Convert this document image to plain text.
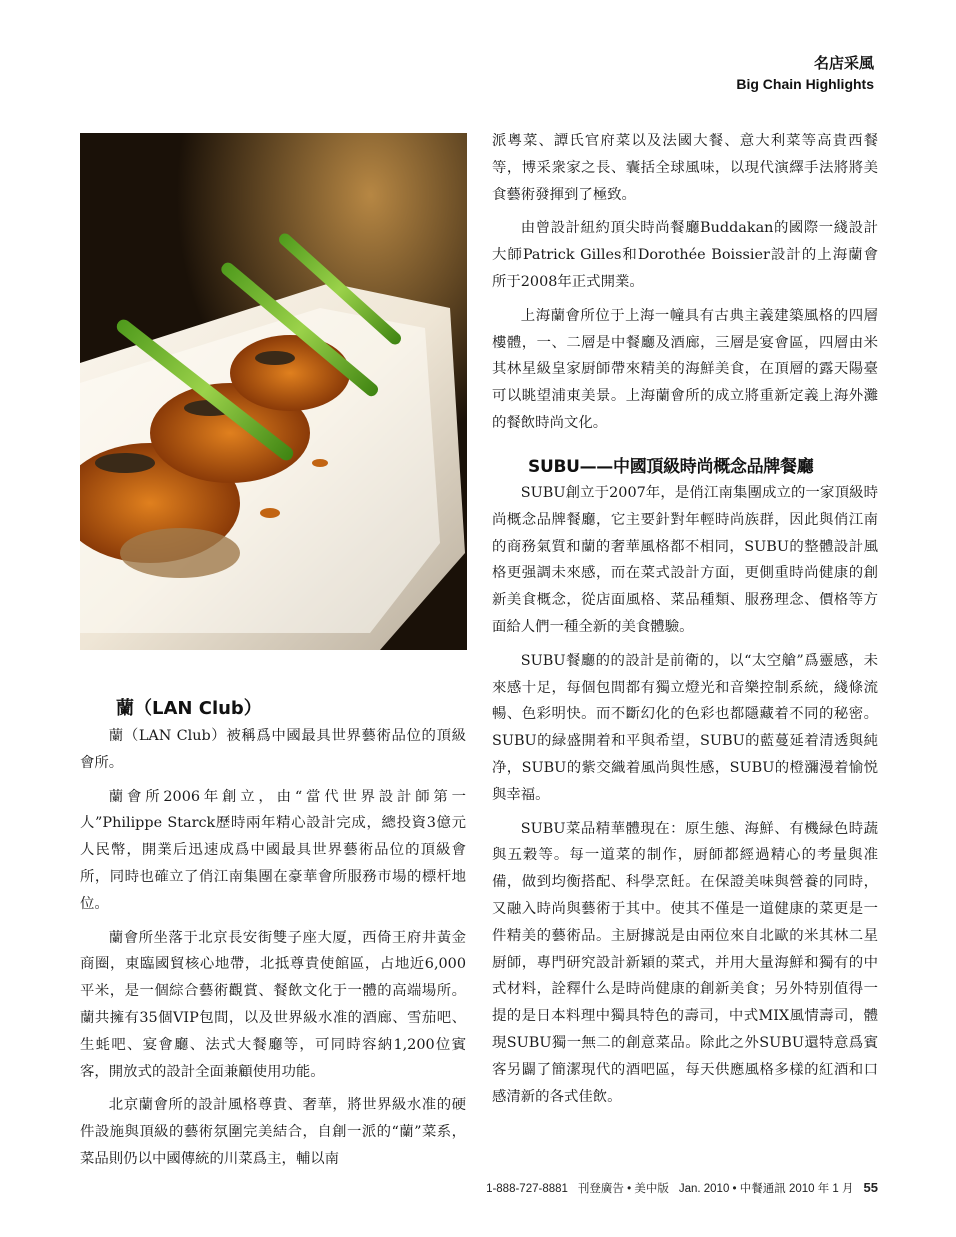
名店采風
Big Chain Highlights
蘭（LAN Club）

蘭（LAN Club）被稱爲中國最具世界藝術品位的頂級會所。

蘭會所2006年創立，由“當代世界設計師第一人”Philippe Starck歷時兩年精心設計完成，總投資3億元人民幣，開業后迅速成爲中國最具世界藝術品位的頂級會所，同時也確立了俏江南集團在豪華會所服務市場的標杆地位。

蘭會所坐落于北京長安街雙子座大厦，西倚王府井黃金商圈，東臨國貿核心地帶，北抵尊貴使館區，占地近6,000平米，是一個綜合藝術觀賞、餐飲文化于一體的高端場所。蘭共擁有35個VIP包間，以及世界級水准的酒廊、雪茄吧、生蚝吧、宴會廳、法式大餐廳等，可同時容納1,200位賓客，開放式的設計全面兼顧使用功能。

北京蘭會所的設計風格尊貴、奢華，將世界級水准的硬件設施與頂級的藝術氛圍完美結合，自創一派的“蘭”菜系，菜品則仍以中國傳統的川菜爲主，輔以南

派粵菜、譚氏官府菜以及法國大餐、意大利菜等高貴西餐等，博采衆家之長、囊括全球風味，以現代演繹手法將將美食藝術發揮到了極致。

由曾設計紐約頂尖時尚餐廳Buddakan的國際一綫設計大師Patrick Gilles和Dorothée Boissier設計的上海蘭會所于2008年正式開業。

上海蘭會所位于上海一幢具有古典主義建築風格的四層樓體，一、二層是中餐廳及酒廊，三層是宴會區，四層由米其林星級皇家厨師帶來精美的海鮮美食，在頂層的露天陽臺可以眺望浦東美景。上海蘭會所的成立將重新定義上海外灘的餐飲時尚文化。

SUBU——中國頂級時尚概念品牌餐廳

SUBU創立于2007年，是俏江南集團成立的一家頂級時尚概念品牌餐廳，它主要針對年輕時尚族群，因此與俏江南的商務氣質和蘭的奢華風格都不相同，SUBU的整體設計風格更强調未來感，而在菜式設計方面，更側重時尚健康的創新美食概念，從店面風格、菜品種類、服務理念、價格等方面給人們一種全新的美食體驗。

SUBU餐廳的的設計是前衛的，以“太空艙”爲靈感，未來感十足，每個包間都有獨立燈光和音樂控制系統，綫條流暢、色彩明快。而不斷幻化的色彩也都隱藏着不同的秘密。SUBU的緑盛開着和平與希望，SUBU的藍蔓延着清透與純净，SUBU的紫交織着風尚與性感，SUBU的橙瀰漫着愉悦與幸福。

SUBU菜品精華體現在：原生態、海鮮、有機緑色時蔬與五穀等。每一道菜的制作，厨師都經過精心的考量與准備，做到均衡搭配、科學烹飪。在保證美味與營養的同時，又融入時尚與藝術于其中。使其不僅是一道健康的菜更是一件精美的藝術品。主厨據説是由兩位來自北歐的米其林二星厨師，專門研究設計新穎的菜式，并用大量海鮮和獨有的中式材料，詮釋什么是時尚健康的創新美食；另外特别值得一提的是日本料理中獨具特色的壽司，中式MIX風情壽司，體現SUBU獨一無二的創意菜品。除此之外SUBU還特意爲賓客另闢了簡潔現代的酒吧區，每天供應風格多樣的紅酒和口感清新的各式佳飲。

1-888-727-8881 刊登廣告 • 美中版 Jan. 2010 • 中餐通訊 2010 年 1 月 55
